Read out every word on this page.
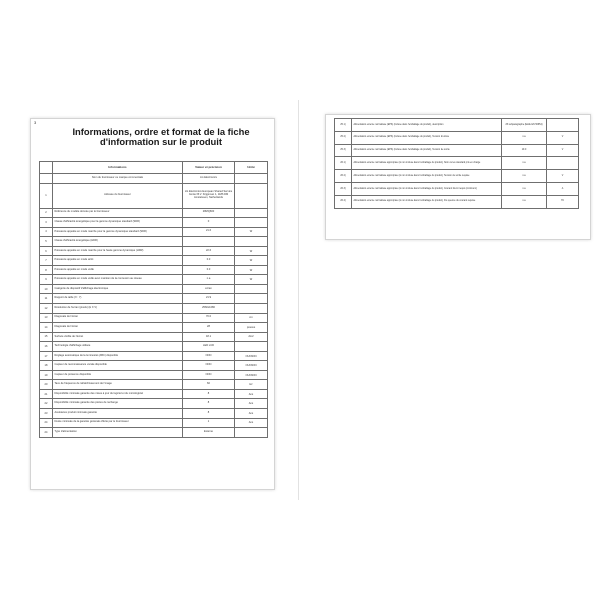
3
Informations, ordre et format de la fiche
d'information sur le produit
	Informations	Valeur et précision	Unité
	Nom du fournisseur ou marque commerciale	LG Electronics	
1	Adresse du fournisseur	LG Electronics European Shared Service Center B.V. Krijgsman 1, 1186 DM Amstelveen, Netherlands	
2	Référence du modèle donnée par le fournisseur	28MQ600	
3	Classe d'efficacité énergétique pour la gamme dynamique standard (SDR)	F	
4	Puissance appelée en mode marche pour la gamme dynamique standard (SDR)	21.6	W
5	Classe d'efficacité énergétique (HDR)		
6	Puissance appelée en mode marche pour la haute gamme dynamique (HDR)	22.6	W
7	Puissance appelée en mode arrêt	0.3	W
8	Puissance appelée en mode veille	0.3	W
9	Puissance appelée en mode veille avec maintien de la connexion au réseau	n.a	W
10	Catégorie de dispositif d'affichage électronique	écran	
11	Rapport de taille (X : Y)	21:9	
12	Résolution de l'écran (pixels) (H X V)	2560x1080	
13	Diagonale de l'écran	70.0	cm
14	Diagonale de l'écran	28	pouces
15	Surface visible de l'écran	18.1	dm2
16	Technologie d'affichage utilisée	LED LCD	
17	Réglage automatique de la luminosité (ABC) disponible	NON	OUI/NON
18	Capteur de reconnaissance vocale disponible	NON	OUI/NON
19	Capteur de présence disponible	NON	OUI/NON
20	Taux de fréquence de rafraîchissement de l'image	60	Hz
21	Disponibilité minimale garantie des mises à jour du logiciel et du micrologiciel	8	Ans
22	Disponibilité minimale garantie des pièces de rechange	8	Ans
23	Assistance produit minimale garantie	8	Ans
24	Durée minimale de la garantie générale offerte par le fournisseur	1	Ans
24	Type d'alimentation	Externe	
25.1)	Alimentation externe normalisée (EPS) (incluse dans l'emballage du produit), description	25 subparagraphe (Eddu EN 50654)	
25.2)	Alimentation externe normalisée (EPS) (incluse dans l'emballage du produit), Tension d'entrée	n.a	V
25.3)	Alimentation externe normalisée (EPS) (incluse dans l'emballage du produit), Tension de sortie	19.0	V
26.1)	Alimentation externe normalisée appropriée (si non incluse dans l'emballage du produit), Nom ou les standard pris en charge	n.a	
26.2)	Alimentation externe normalisée appropriée (si non incluse dans l'emballage du produit), Tension de sortie requise	n.a	V
26.3)	Alimentation externe normalisée appropriée (si non incluse dans l'emballage du produit), Courant fourni requis (minimum)	n.a	A
26.4)	Alimentation externe normalisée appropriée (si non incluse dans l'emballage du produit), Fré quence du courant requise	n.a	Hz
